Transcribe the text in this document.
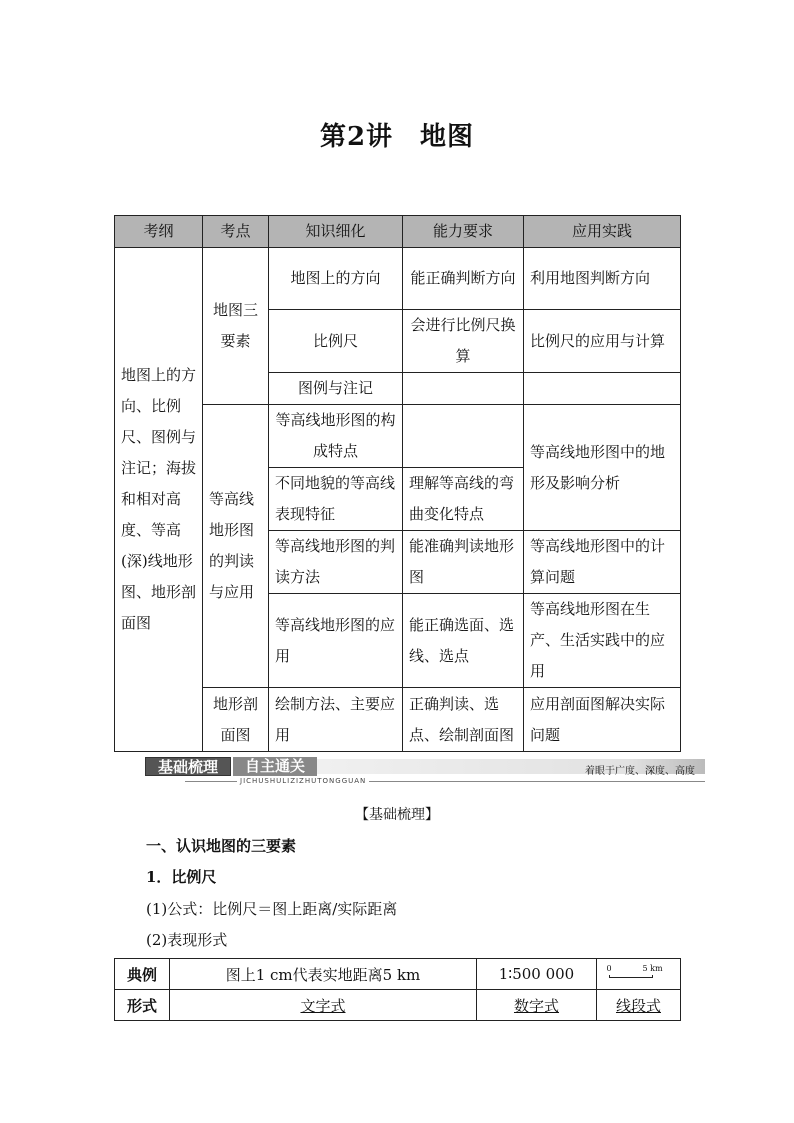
第2讲　地图
考纲	考点	知识细化	能力要求	应用实践
地图上的方向、比例尺、图例与注记；海拔和相对高度、等高(深)线地形图、地形剖面图	地图三要素	地图上的方向	能正确判断方向	利用地图判断方向
		比例尺	会进行比例尺换算	比例尺的应用与计算
		图例与注记		
	等高线地形图的判读与应用	等高线地形图的构成特点		等高线地形图中的地形及影响分析
		不同地貌的等高线表现特征	理解等高线的弯曲变化特点	
		等高线地形图的判读方法	能准确判读地形图	等高线地形图中的计算问题
		等高线地形图的应用	能正确选面、选线、选点	等高线地形图在生产、生活实践中的应用
	地形剖面图	绘制方法、主要应用	正确判读、选点、绘制剖面图	应用剖面图解决实际问题
着眼于广度、深度、高度
基础梳理	自主通关
JICHUSHULIZIZHUTONGGUAN
【基础梳理】
一、认识地图的三要素
1．比例尺
(1)公式：比例尺＝图上距离/实际距离
(2)表现形式
典例	图上1 cm代表实地距离5 km	1∶500 000	0 5 km

形式	文字式	数字式	线段式
